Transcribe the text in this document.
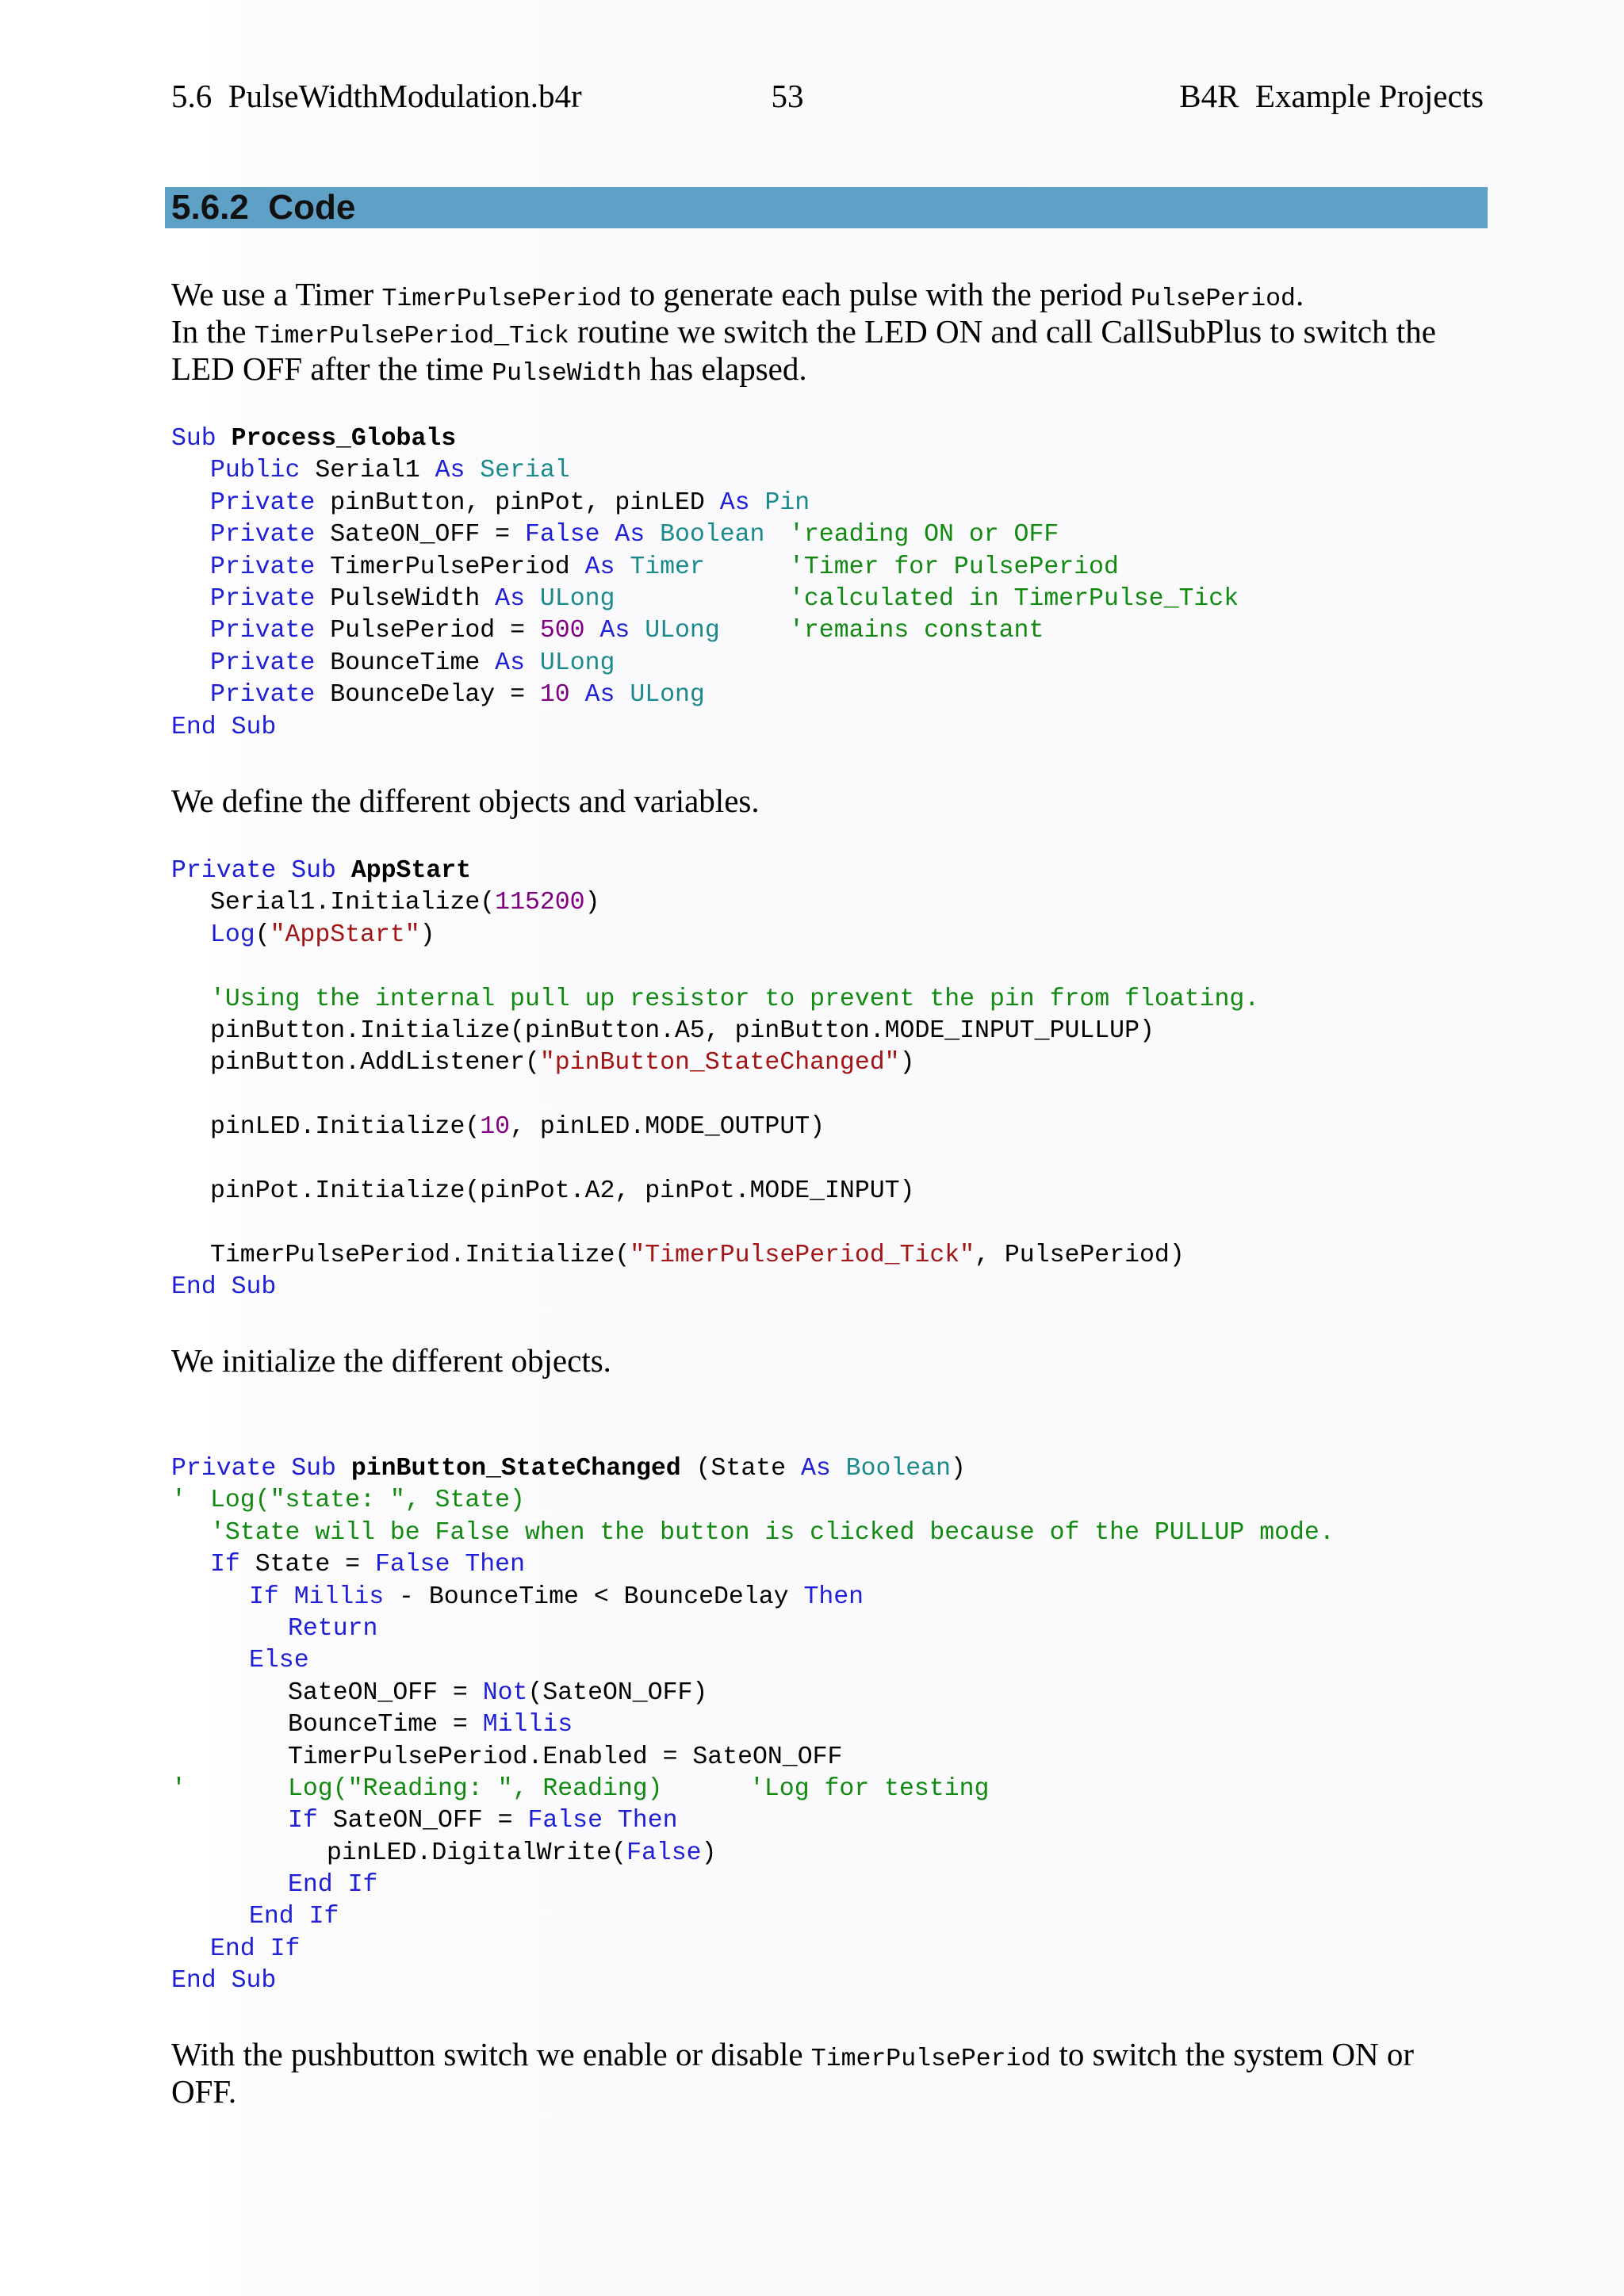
5.6  PulseWidthModulation.b4r

	53

	B4R  Example Projects

5.6.2  Code
We use a Timer TimerPulsePeriod to generate each pulse with the period PulsePeriod.
In the TimerPulsePeriod_Tick routine we switch the LED ON and call CallSubPlus to switch the
LED OFF after the time PulseWidth has elapsed.
Sub Process_Globals
	Public Serial1 As Serial
	Private pinButton, pinPot, pinLED As Pin
	Private SateON_OFF = False As Boolean 'reading ON or OFF
	Private TimerPulsePeriod As Timer	'Timer for PulsePeriod
	Private PulseWidth As ULong	'calculated in TimerPulse_Tick
	Private PulsePeriod = 500 As ULong	'remains constant
	Private BounceTime As ULong
	Private BounceDelay = 10 As ULong
End Sub
We define the different objects and variables.
Private Sub AppStart
	Serial1.Initialize(115200)
	Log("AppStart")
	'Using the internal pull up resistor to prevent the pin from floating.
	pinButton.Initialize(pinButton.A5, pinButton.MODE_INPUT_PULLUP)
	pinButton.AddListener("pinButton_StateChanged")
	pinLED.Initialize(10, pinLED.MODE_OUTPUT)
	pinPot.Initialize(pinPot.A2, pinPot.MODE_INPUT)
	TimerPulsePeriod.Initialize("TimerPulsePeriod_Tick", PulsePeriod)
End Sub
We initialize the different objects.
Private Sub pinButton_StateChanged (State As Boolean)
'	Log("state: ", State)
	'State will be False when the button is clicked because of the PULLUP mode.
	If State = False Then
		If Millis - BounceTime < BounceDelay Then
			Return
		Else
			SateON_OFF = Not(SateON_OFF)
			BounceTime = Millis
			TimerPulsePeriod.Enabled = SateON_OFF
'			Log("Reading: ", Reading)	'Log for testing
			If SateON_OFF = False Then
				pinLED.DigitalWrite(False)
			End If
		End If
	End If
End Sub
With the pushbutton switch we enable or disable TimerPulsePeriod to switch the system ON or
OFF.
